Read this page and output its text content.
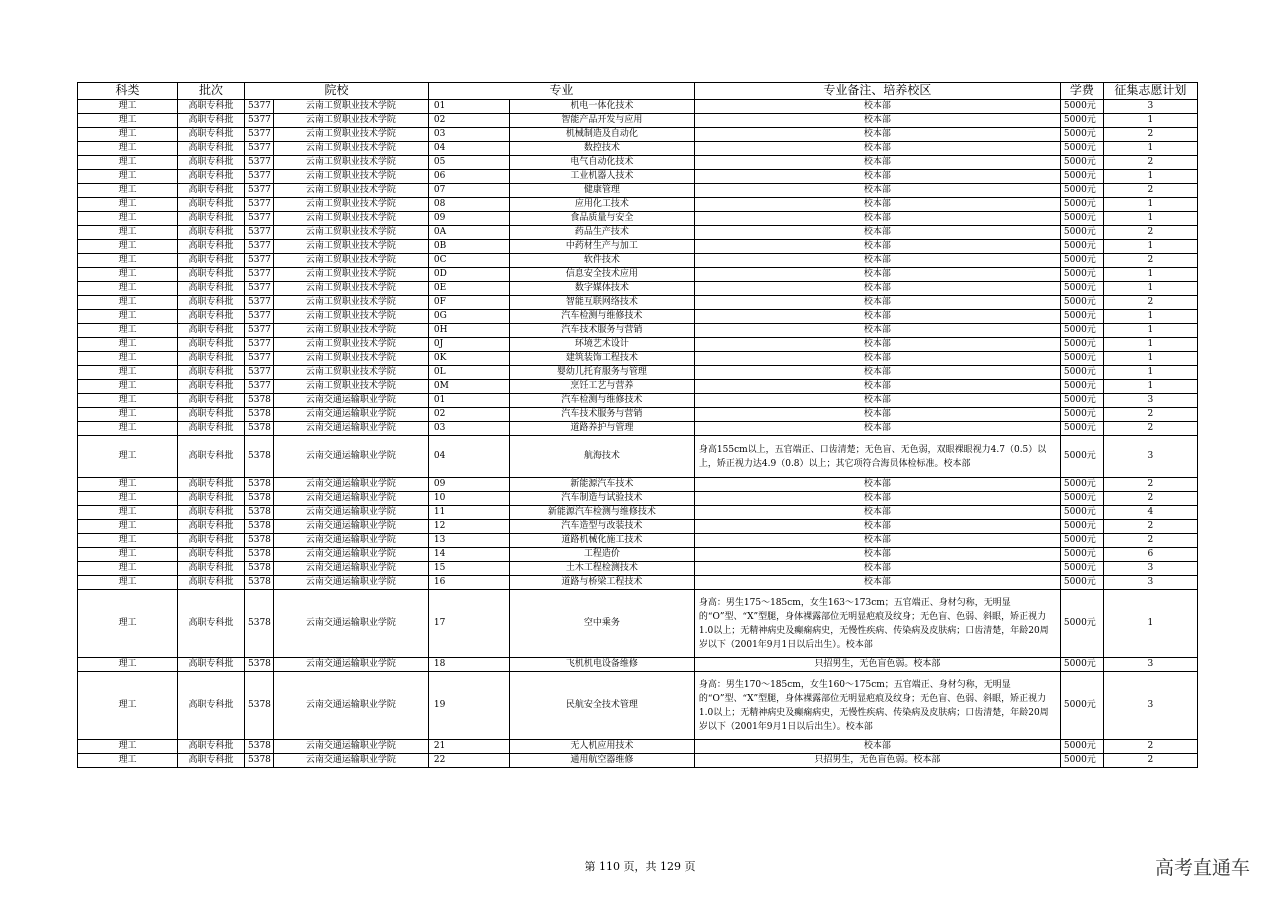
科类	批次	院校		专业		专业备注、培养校区	学费	征集志愿计划
理工	高职专科批	5377	云南工贸职业技术学院	01	机电一体化技术	校本部	5000元	3
理工	高职专科批	5377	云南工贸职业技术学院	02	智能产品开发与应用	校本部	5000元	1
理工	高职专科批	5377	云南工贸职业技术学院	03	机械制造及自动化	校本部	5000元	2
理工	高职专科批	5377	云南工贸职业技术学院	04	数控技术	校本部	5000元	1
理工	高职专科批	5377	云南工贸职业技术学院	05	电气自动化技术	校本部	5000元	2
理工	高职专科批	5377	云南工贸职业技术学院	06	工业机器人技术	校本部	5000元	1
理工	高职专科批	5377	云南工贸职业技术学院	07	健康管理	校本部	5000元	2
理工	高职专科批	5377	云南工贸职业技术学院	08	应用化工技术	校本部	5000元	1
理工	高职专科批	5377	云南工贸职业技术学院	09	食品质量与安全	校本部	5000元	1
理工	高职专科批	5377	云南工贸职业技术学院	0A	药品生产技术	校本部	5000元	2
理工	高职专科批	5377	云南工贸职业技术学院	0B	中药材生产与加工	校本部	5000元	1
理工	高职专科批	5377	云南工贸职业技术学院	0C	软件技术	校本部	5000元	2
理工	高职专科批	5377	云南工贸职业技术学院	0D	信息安全技术应用	校本部	5000元	1
理工	高职专科批	5377	云南工贸职业技术学院	0E	数字媒体技术	校本部	5000元	1
理工	高职专科批	5377	云南工贸职业技术学院	0F	智能互联网络技术	校本部	5000元	2
理工	高职专科批	5377	云南工贸职业技术学院	0G	汽车检测与维修技术	校本部	5000元	1
理工	高职专科批	5377	云南工贸职业技术学院	0H	汽车技术服务与营销	校本部	5000元	1
理工	高职专科批	5377	云南工贸职业技术学院	0J	环境艺术设计	校本部	5000元	1
理工	高职专科批	5377	云南工贸职业技术学院	0K	建筑装饰工程技术	校本部	5000元	1
理工	高职专科批	5377	云南工贸职业技术学院	0L	婴幼儿托育服务与管理	校本部	5000元	1
理工	高职专科批	5377	云南工贸职业技术学院	0M	烹饪工艺与营养	校本部	5000元	1
理工	高职专科批	5378	云南交通运输职业学院	01	汽车检测与维修技术	校本部	5000元	3
理工	高职专科批	5378	云南交通运输职业学院	02	汽车技术服务与营销	校本部	5000元	2
理工	高职专科批	5378	云南交通运输职业学院	03	道路养护与管理	校本部	5000元	2
理工	高职专科批	5378	云南交通运输职业学院	04	航海技术	身高155cm以上，五官端正、口齿清楚；无色盲、无色弱，双眼裸眼视力4.7（0.5）以上，矫正视力达4.9（0.8）以上；其它项符合海员体检标准。校本部	5000元	3
理工	高职专科批	5378	云南交通运输职业学院	09	新能源汽车技术	校本部	5000元	2
理工	高职专科批	5378	云南交通运输职业学院	10	汽车制造与试验技术	校本部	5000元	2
理工	高职专科批	5378	云南交通运输职业学院	11	新能源汽车检测与维修技术	校本部	5000元	4
理工	高职专科批	5378	云南交通运输职业学院	12	汽车造型与改装技术	校本部	5000元	2
理工	高职专科批	5378	云南交通运输职业学院	13	道路机械化施工技术	校本部	5000元	2
理工	高职专科批	5378	云南交通运输职业学院	14	工程造价	校本部	5000元	6
理工	高职专科批	5378	云南交通运输职业学院	15	土木工程检测技术	校本部	5000元	3
理工	高职专科批	5378	云南交通运输职业学院	16	道路与桥梁工程技术	校本部	5000元	3
理工	高职专科批	5378	云南交通运输职业学院	17	空中乘务	身高：男生175～185cm，女生163～173cm；五官端正、身材匀称，无明显的“O”型、“X”型腿，身体裸露部位无明显疤痕及纹身；无色盲、色弱、斜眼，矫正视力1.0以上；无精神病史及癫痫病史，无慢性疾病、传染病及皮肤病；口齿清楚，年龄20周岁以下（2001年9月1日以后出生）。校本部	5000元	1
理工	高职专科批	5378	云南交通运输职业学院	18	飞机机电设备维修	只招男生，无色盲色弱。校本部	5000元	3
理工	高职专科批	5378	云南交通运输职业学院	19	民航安全技术管理	身高：男生170～185cm，女生160～175cm；五官端正、身材匀称，无明显的“O”型、“X”型腿，身体裸露部位无明显疤痕及纹身；无色盲、色弱、斜眼，矫正视力1.0以上；无精神病史及癫痫病史，无慢性疾病、传染病及皮肤病；口齿清楚，年龄20周岁以下（2001年9月1日以后出生）。校本部	5000元	3
理工	高职专科批	5378	云南交通运输职业学院	21	无人机应用技术	校本部	5000元	2
理工	高职专科批	5378	云南交通运输职业学院	22	通用航空器维修	只招男生，无色盲色弱。校本部	5000元	2
第 110 页，共 129 页	高考直通车
